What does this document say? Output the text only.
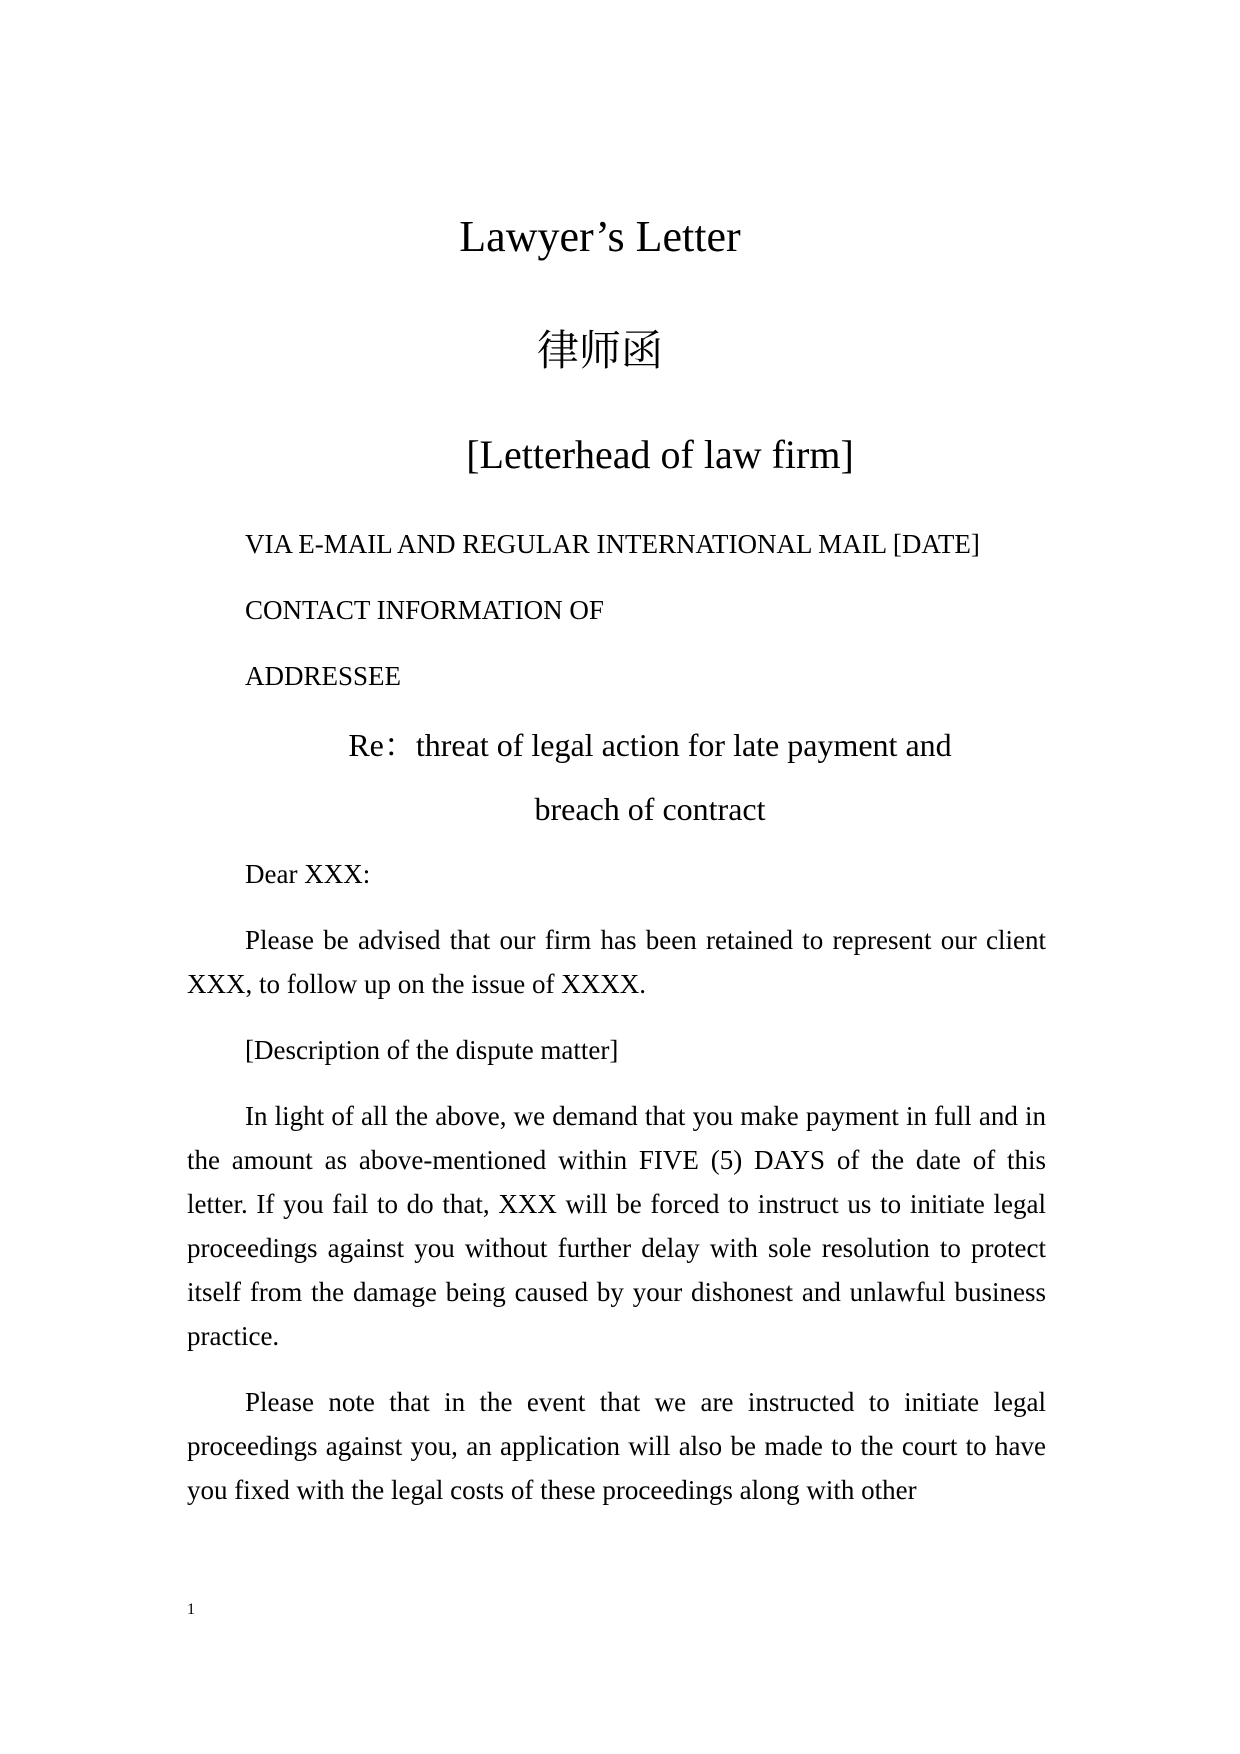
Lawyer’s Letter
律师函
[Letterhead of law firm]
VIA E-MAIL AND REGULAR INTERNATIONAL MAIL [DATE]
CONTACT INFORMATION OF
ADDRESSEE
Re：threat of legal action for late payment and
breach of contract
Dear XXX:
Please be advised that our firm has been retained to represent our client XXX, to follow up on the issue of XXXX.
[Description of the dispute matter]
In light of all the above, we demand that you make payment in full and in the amount as above-mentioned within FIVE (5) DAYS of the date of this letter. If you fail to do that, XXX will be forced to instruct us to initiate legal proceedings against you without further delay with sole resolution to protect itself from the damage being caused by your dishonest and unlawful business practice.
Please note that in the event that we are instructed to initiate legal proceedings against you, an application will also be made to the court to have you fixed with the legal costs of these proceedings along with other
1
